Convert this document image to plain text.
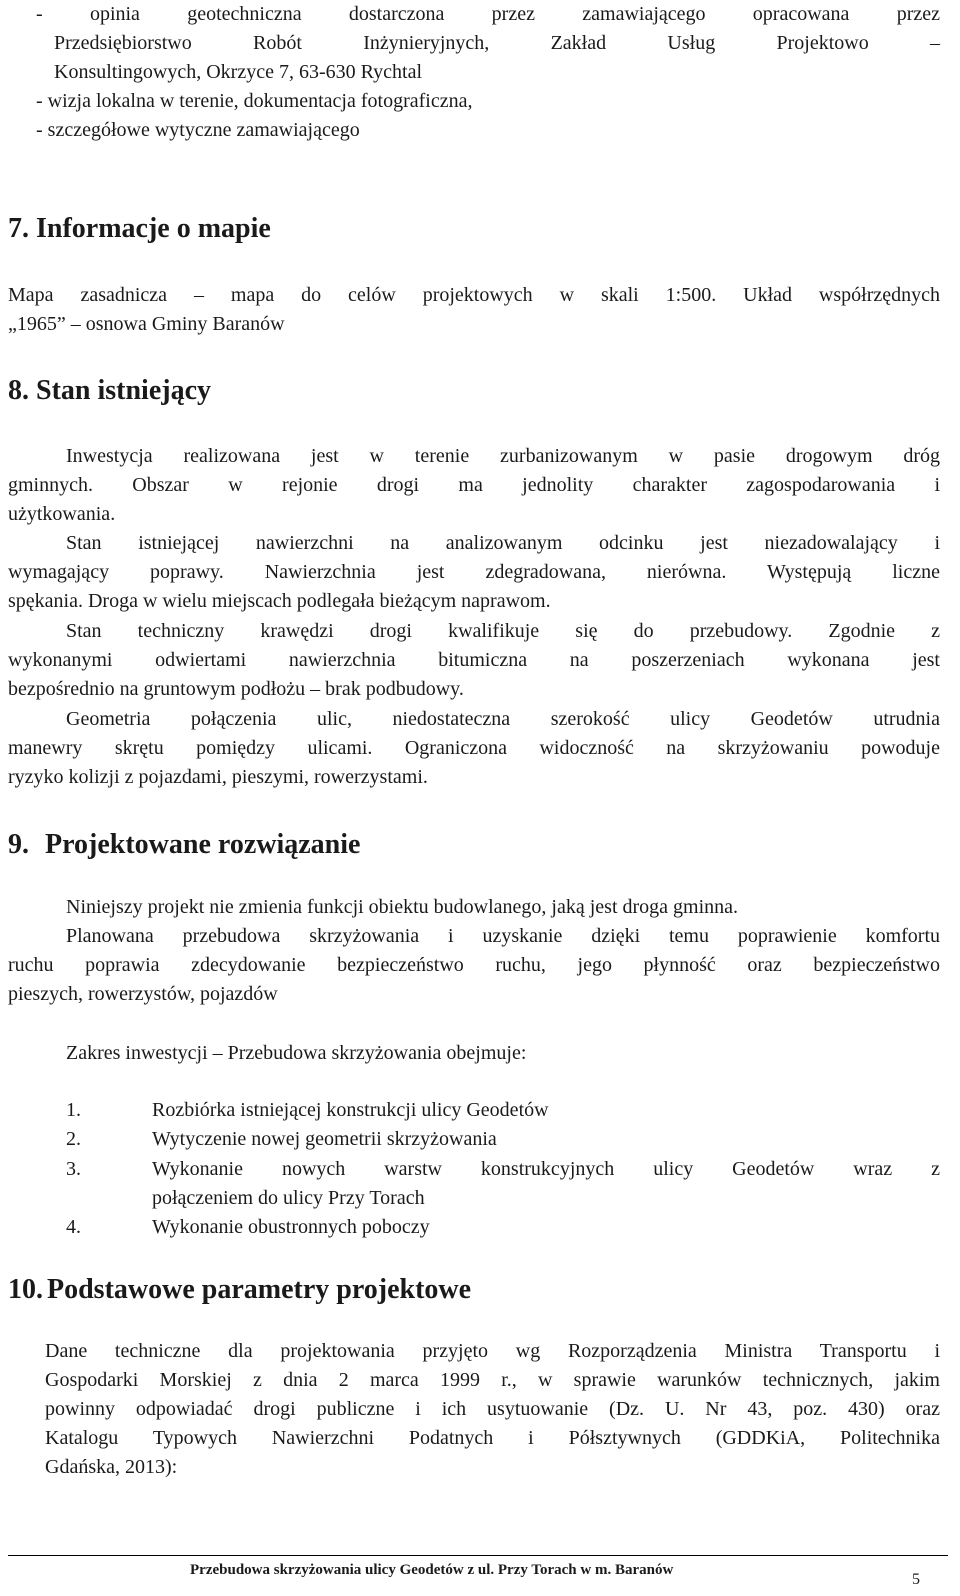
- opinia geotechniczna dostarczona przez zamawiającego opracowana przez
Przedsiębiorstwo Robót Inżynieryjnych, Zakład Usług Projektowo –
Konsultingowych, Okrzyce 7, 63-630 Rychtal
- wizja lokalna w terenie, dokumentacja fotograficzna,
- szczegółowe wytyczne zamawiającego
7. Informacje o mapie
Mapa zasadnicza – mapa do celów projektowych w skali 1:500. Układ współrzędnych
„1965” – osnowa Gminy Baranów
8. Stan istniejący
Inwestycja realizowana jest w terenie zurbanizowanym w pasie drogowym dróg
gminnych. Obszar w rejonie drogi ma jednolity charakter zagospodarowania i
użytkowania.
Stan istniejącej nawierzchni na analizowanym odcinku jest niezadowalający i
wymagający poprawy. Nawierzchnia jest zdegradowana, nierówna. Występują liczne
spękania. Droga w wielu miejscach podlegała bieżącym naprawom.
Stan techniczny krawędzi drogi kwalifikuje się do przebudowy. Zgodnie z
wykonanymi odwiertami nawierzchnia bitumiczna na poszerzeniach wykonana jest
bezpośrednio na gruntowym podłożu – brak podbudowy.
Geometria połączenia ulic, niedostateczna szerokość ulicy Geodetów utrudnia
manewry skrętu pomiędzy ulicami. Ograniczona widoczność na skrzyżowaniu powoduje
ryzyko kolizji z pojazdami, pieszymi, rowerzystami.
9. Projektowane rozwiązanie
Niniejszy projekt nie zmienia funkcji obiektu budowlanego, jaką jest droga gminna.
Planowana przebudowa skrzyżowania i uzyskanie dzięki temu poprawienie komfortu
ruchu poprawia zdecydowanie bezpieczeństwo ruchu, jego płynność oraz bezpieczeństwo
pieszych, rowerzystów, pojazdów
Zakres inwestycji – Przebudowa skrzyżowania obejmuje:
1.	Rozbiórka istniejącej konstrukcji ulicy Geodetów
2.	Wytyczenie nowej geometrii skrzyżowania
3.	Wykonanie nowych warstw konstrukcyjnych ulicy Geodetów wraz z
połączeniem do ulicy Przy Torach
4.	Wykonanie obustronnych poboczy
10. Podstawowe parametry projektowe
Dane techniczne dla projektowania przyjęto wg Rozporządzenia Ministra Transportu i
Gospodarki Morskiej z dnia 2 marca 1999 r., w sprawie warunków technicznych, jakim
powinny odpowiadać drogi publiczne i ich usytuowanie (Dz. U. Nr 43, poz. 430) oraz
Katalogu Typowych Nawierzchni Podatnych i Półsztywnych (GDDKiA, Politechnika
Gdańska, 2013):
Przebudowa skrzyżowania ulicy Geodetów z ul. Przy Torach w m. Baranów
5
